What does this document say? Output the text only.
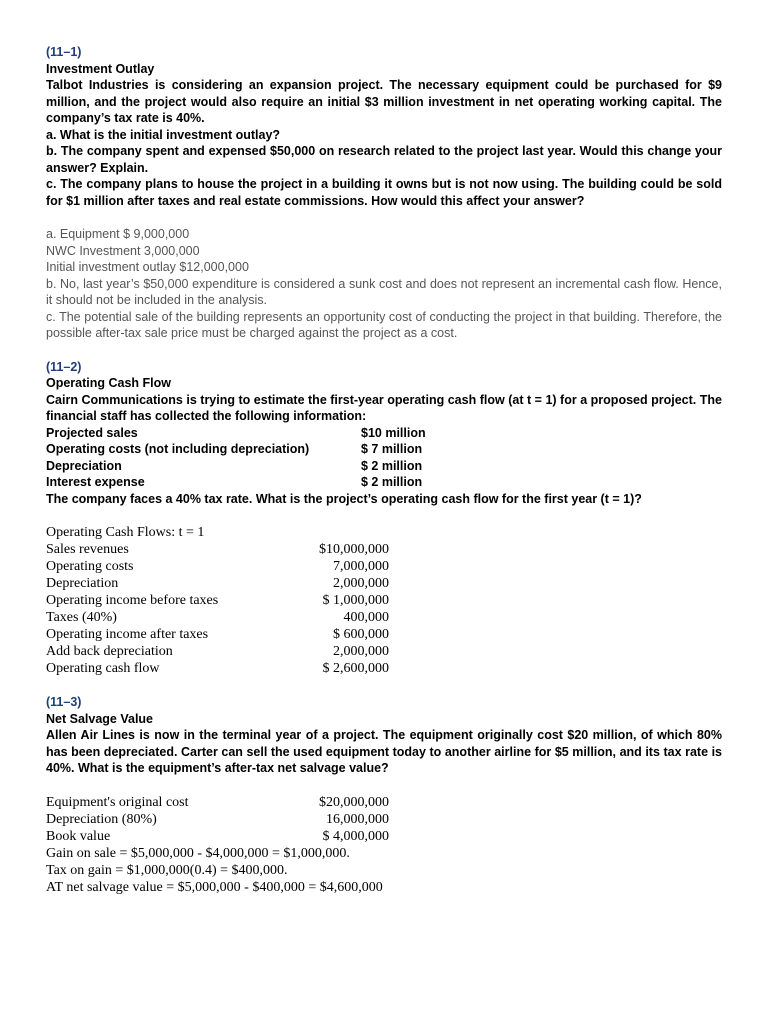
(11–1)
Investment Outlay
Talbot Industries is considering an expansion project. The necessary equipment could be purchased for $9 million, and the project would also require an initial $3 million investment in net operating working capital. The company’s tax rate is 40%.
a. What is the initial investment outlay?
b. The company spent and expensed $50,000 on research related to the project last year. Would this change your answer? Explain.
c. The company plans to house the project in a building it owns but is not now using. The building could be sold for $1 million after taxes and real estate commissions. How would this affect your answer?
a. Equipment $ 9,000,000
NWC Investment 3,000,000
Initial investment outlay $12,000,000
b. No, last year’s $50,000 expenditure is considered a sunk cost and does not represent an incremental cash flow. Hence, it should not be included in the analysis.
c. The potential sale of the building represents an opportunity cost of conducting the project in that building. Therefore, the possible after-tax sale price must be charged against the project as a cost.
(11–2)
Operating Cash Flow
Cairn Communications is trying to estimate the first-year operating cash flow (at t = 1) for a proposed project. The financial staff has collected the following information:
Projected sales	$10 million
Operating costs (not including depreciation)	$ 7 million
Depreciation	$ 2 million
Interest expense	$ 2 million
The company faces a 40% tax rate. What is the project’s operating cash flow for the first year (t = 1)?
Operating Cash Flows: t = 1
Sales revenues	$10,000,000
Operating costs	7,000,000
Depreciation	2,000,000
Operating income before taxes	$ 1,000,000
Taxes (40%)	400,000
Operating income after taxes	$ 600,000
Add back depreciation	2,000,000
Operating cash flow	$ 2,600,000
(11–3)
Net Salvage Value
Allen Air Lines is now in the terminal year of a project. The equipment originally cost $20 million, of which 80% has been depreciated. Carter can sell the used equipment today to another airline for $5 million, and its tax rate is 40%. What is the equipment’s after-tax net salvage value?
Equipment's original cost	$20,000,000
Depreciation (80%)	16,000,000
Book value	$ 4,000,000
Gain on sale = $5,000,000 - $4,000,000 = $1,000,000.
Tax on gain = $1,000,000(0.4) = $400,000.
AT net salvage value = $5,000,000 - $400,000 = $4,600,000
